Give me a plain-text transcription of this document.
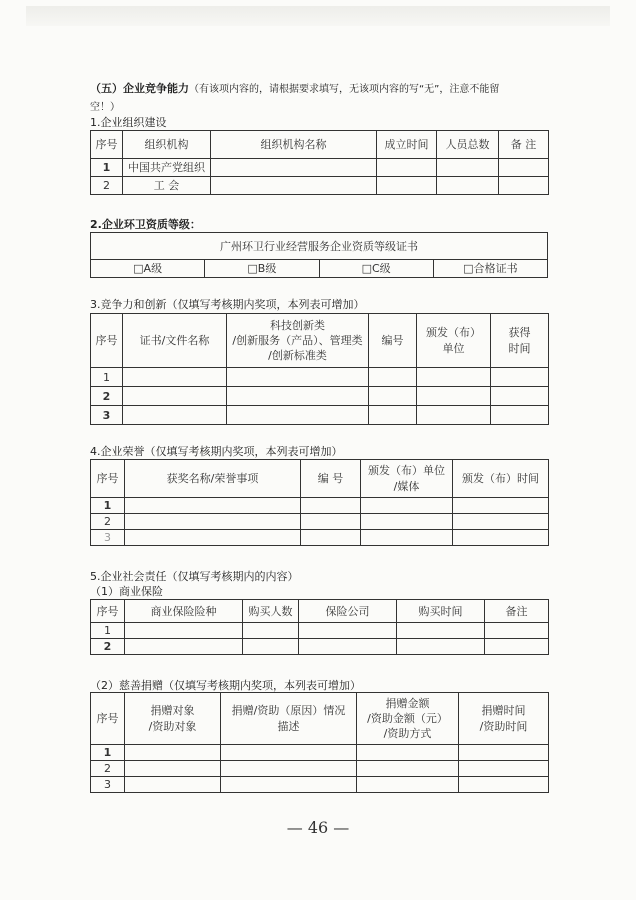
（五）企业竞争能力（有该项内容的，请根据要求填写，无该项内容的写“无”，注意不能留
空！）
1.企业组织建设
序号	组织机构	组织机构名称	成立时间	人员总数	备 注
1	中国共产党组织				
2	工 会				
2.企业环卫资质等级：
广州环卫行业经营服务企业资质等级证书
□A级	□B级	□C级	□合格证书
3.竞争力和创新（仅填写考核期内奖项，本列表可增加）
序号	证书/文件名称	科技创新类
/创新服务（产品）、管理类
/创新标准类	编号	颁发（布）
单位	获得
时间
1					
2					
3					
4.企业荣誉（仅填写考核期内奖项，本列表可增加）
序号	获奖名称/荣誉事项	编 号	颁发（布）单位
/媒体	颁发（布）时间
1				
2				
3				
5.企业社会责任（仅填写考核期内的内容）
（1）商业保险
序号	商业保险险种	购买人数	保险公司	购买时间	备注
1					
2					
（2）慈善捐赠（仅填写考核期内奖项，本列表可增加）
序号	捐赠对象
/资助对象	捐赠/资助（原因）情况
描述	捐赠金额
/资助金额（元）
/资助方式	捐赠时间
/资助时间
1				
2				
3				
— 46 —
